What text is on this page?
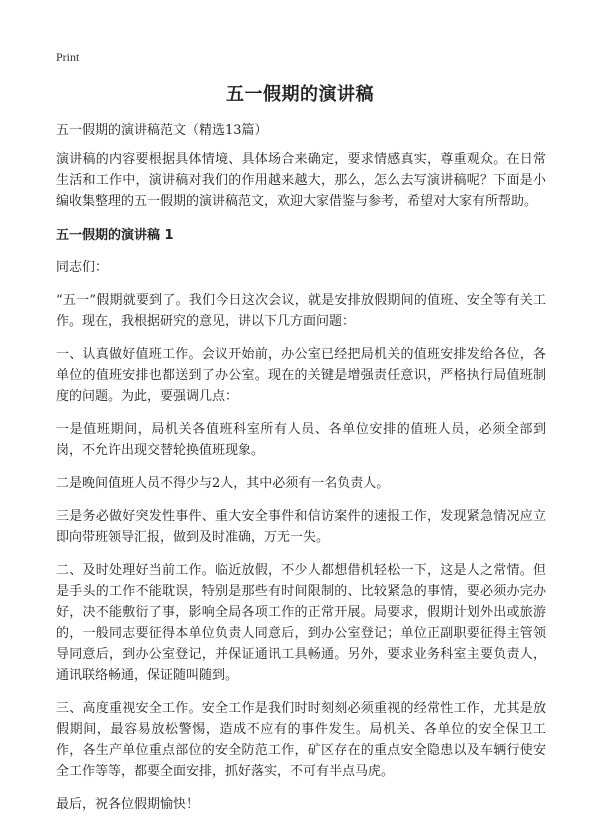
Print
五一假期的演讲稿
五一假期的演讲稿范文（精选13篇）

演讲稿的内容要根据具体情境、具体场合来确定，要求情感真实，尊重观众。在日常生活和工作中，演讲稿对我们的作用越来越大，那么，怎么去写演讲稿呢？下面是小编收集整理的五一假期的演讲稿范文，欢迎大家借鉴与参考，希望对大家有所帮助。

五一假期的演讲稿 1

同志们：

“五一”假期就要到了。我们今日这次会议，就是安排放假期间的值班、安全等有关工作。现在，我根据研究的意见，讲以下几方面问题：

一、认真做好值班工作。会议开始前，办公室已经把局机关的值班安排发给各位，各单位的值班安排也都送到了办公室。现在的关键是增强责任意识，严格执行局值班制度的问题。为此，要强调几点：

一是值班期间，局机关各值班科室所有人员、各单位安排的值班人员，必须全部到岗，不允许出现交替轮换值班现象。

二是晚间值班人员不得少与2人，其中必须有一名负责人。

三是务必做好突发性事件、重大安全事件和信访案件的速报工作，发现紧急情况应立即向带班领导汇报，做到及时准确，万无一失。

二、及时处理好当前工作。临近放假，不少人都想借机轻松一下，这是人之常情。但是手头的工作不能耽误，特别是那些有时间限制的、比较紧急的事情，要必须办完办好，决不能敷衍了事，影响全局各项工作的正常开展。局要求，假期计划外出或旅游的，一般同志要征得本单位负责人同意后，到办公室登记；单位正副职要征得主管领导同意后，到办公室登记，并保证通讯工具畅通。另外，要求业务科室主要负责人，通讯联络畅通，保证随叫随到。

三、高度重视安全工作。安全工作是我们时时刻刻必须重视的经常性工作，尤其是放假期间，最容易放松警惕，造成不应有的事件发生。局机关、各单位的安全保卫工作，各生产单位重点部位的安全防范工作，矿区存在的重点安全隐患以及车辆行使安全工作等等，都要全面安排，抓好落实，不可有半点马虎。

最后，祝各位假期愉快！
